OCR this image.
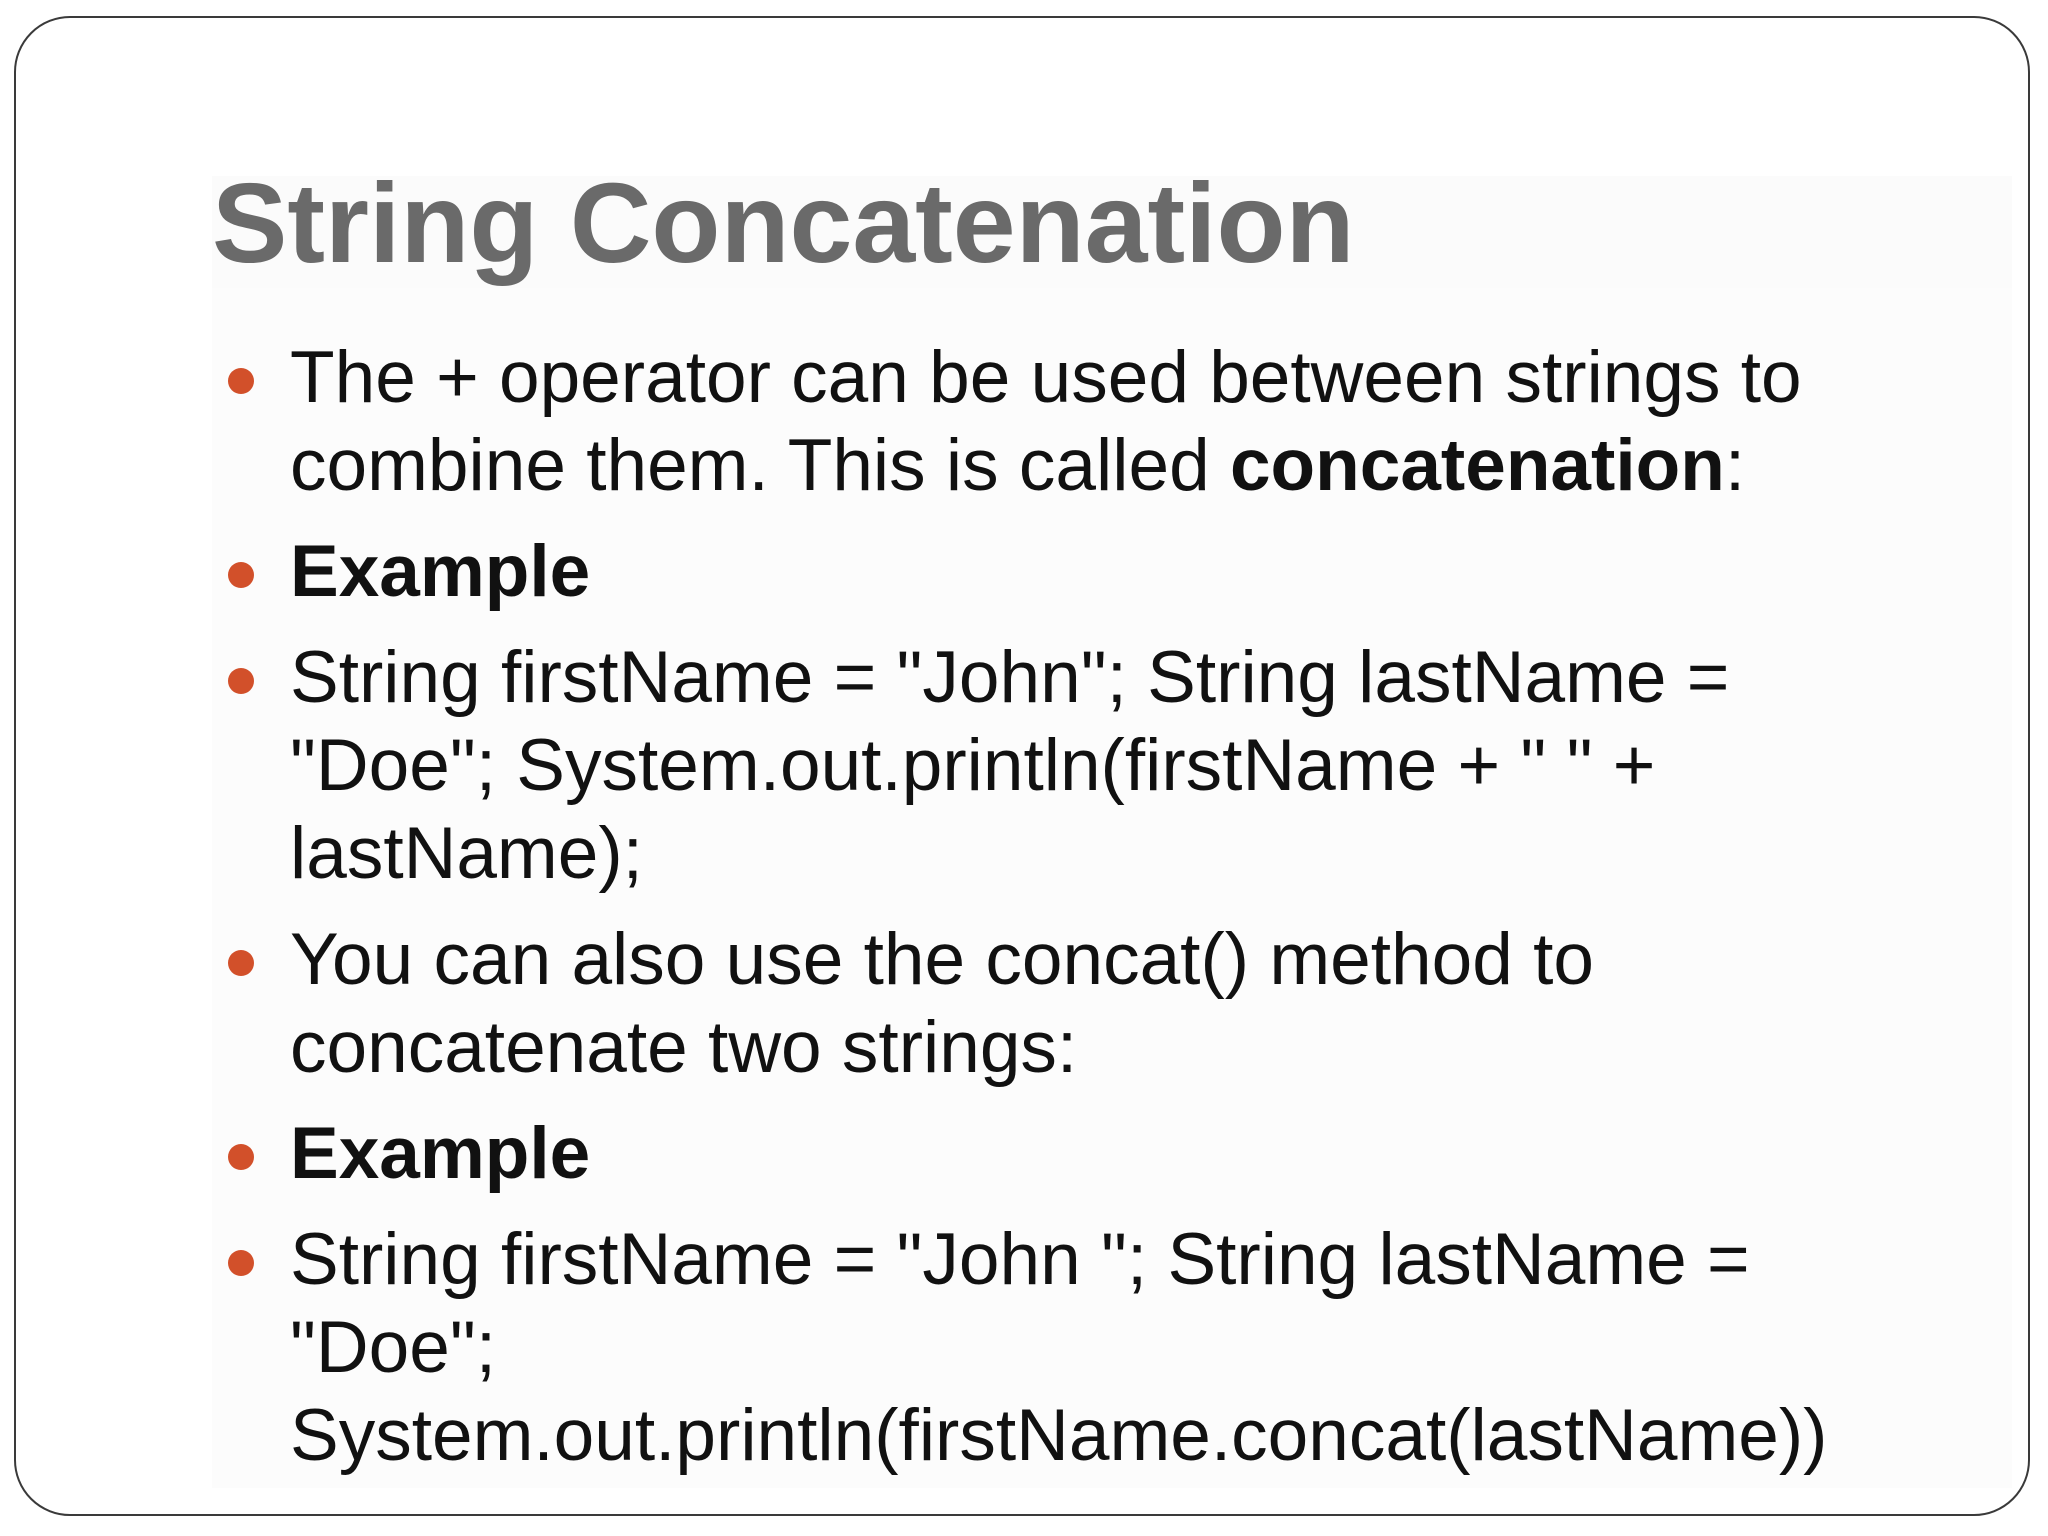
String Concatenation
The + operator can be used between strings to combine them. This is called concatenation:
Example
String firstName = "John"; String lastName = "Doe"; System.out.println(firstName + " " + lastName);
You can also use the concat() method to concatenate two strings:
Example
String firstName = "John "; String lastName = "Doe"; System.out.println(firstName.concat(lastName))
